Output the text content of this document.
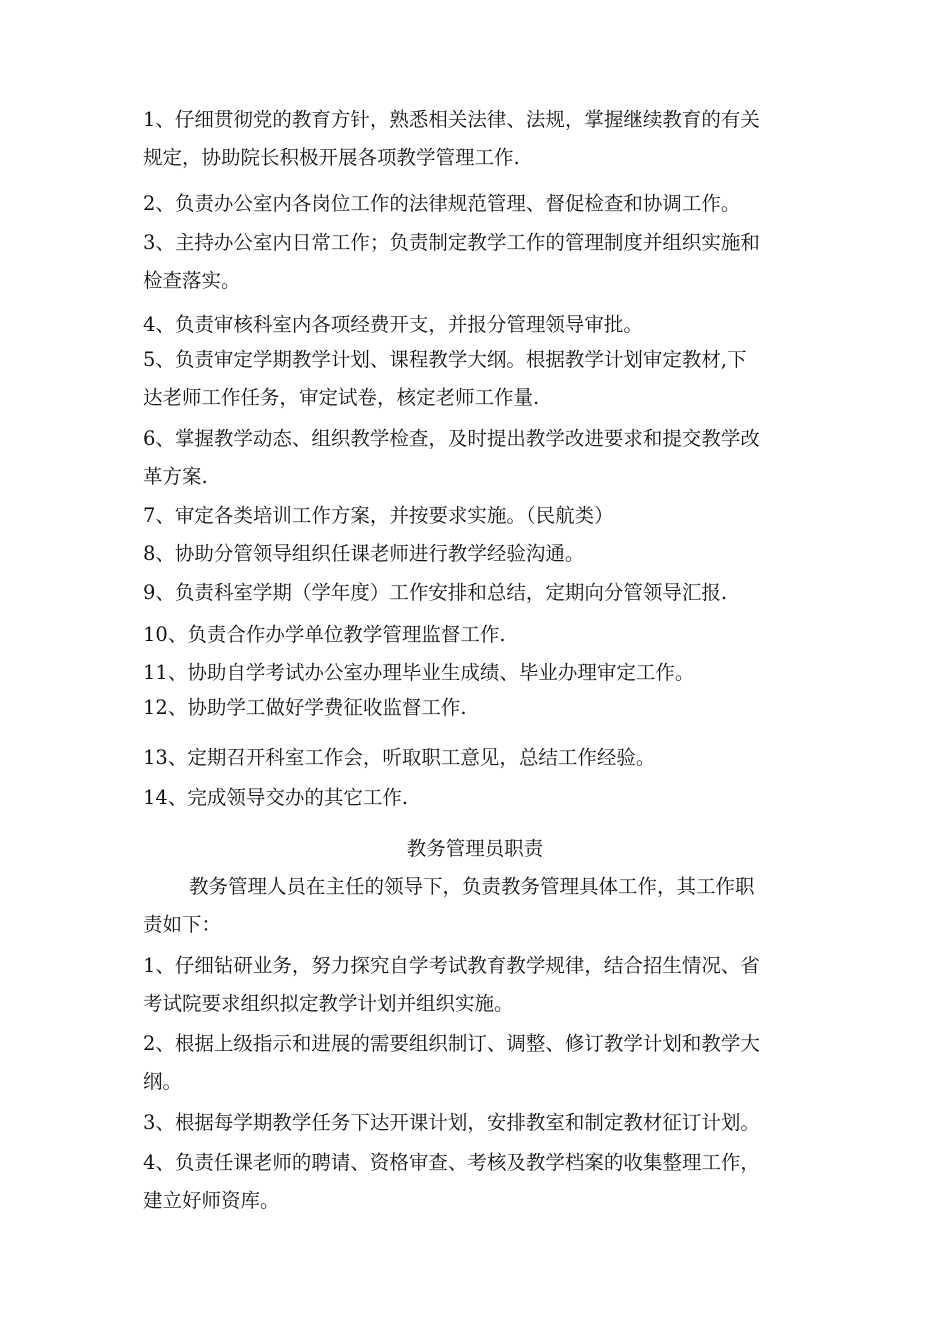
1、仔细贯彻党的教育方针，熟悉相关法律、法规，掌握继续教育的有关
规定，协助院长积极开展各项教学管理工作.
2、负责办公室内各岗位工作的法律规范管理、督促检查和协调工作。
3、主持办公室内日常工作；负责制定教学工作的管理制度并组织实施和
检查落实。
4、负责审核科室内各项经费开支，并报分管理领导审批。
5、负责审定学期教学计划、课程教学大纲。根据教学计划审定教材,下
达老师工作任务，审定试卷，核定老师工作量.
6、掌握教学动态、组织教学检查，及时提出教学改进要求和提交教学改
革方案.
7、审定各类培训工作方案，并按要求实施。（民航类）
8、协助分管领导组织任课老师进行教学经验沟通。
9、负责科室学期（学年度）工作安排和总结，定期向分管领导汇报.
10、负责合作办学单位教学管理监督工作.
11、协助自学考试办公室办理毕业生成绩、毕业办理审定工作。
12、协助学工做好学费征收监督工作.
13、定期召开科室工作会，听取职工意见，总结工作经验。
14、完成领导交办的其它工作.
教务管理员职责
教务管理人员在主任的领导下，负责教务管理具体工作，其工作职
责如下：
1、仔细钻研业务，努力探究自学考试教育教学规律，结合招生情况、省
考试院要求组织拟定教学计划并组织实施。
2、根据上级指示和进展的需要组织制订、调整、修订教学计划和教学大
纲。
3、根据每学期教学任务下达开课计划，安排教室和制定教材征订计划。
4、负责任课老师的聘请、资格审查、考核及教学档案的收集整理工作，
建立好师资库。
